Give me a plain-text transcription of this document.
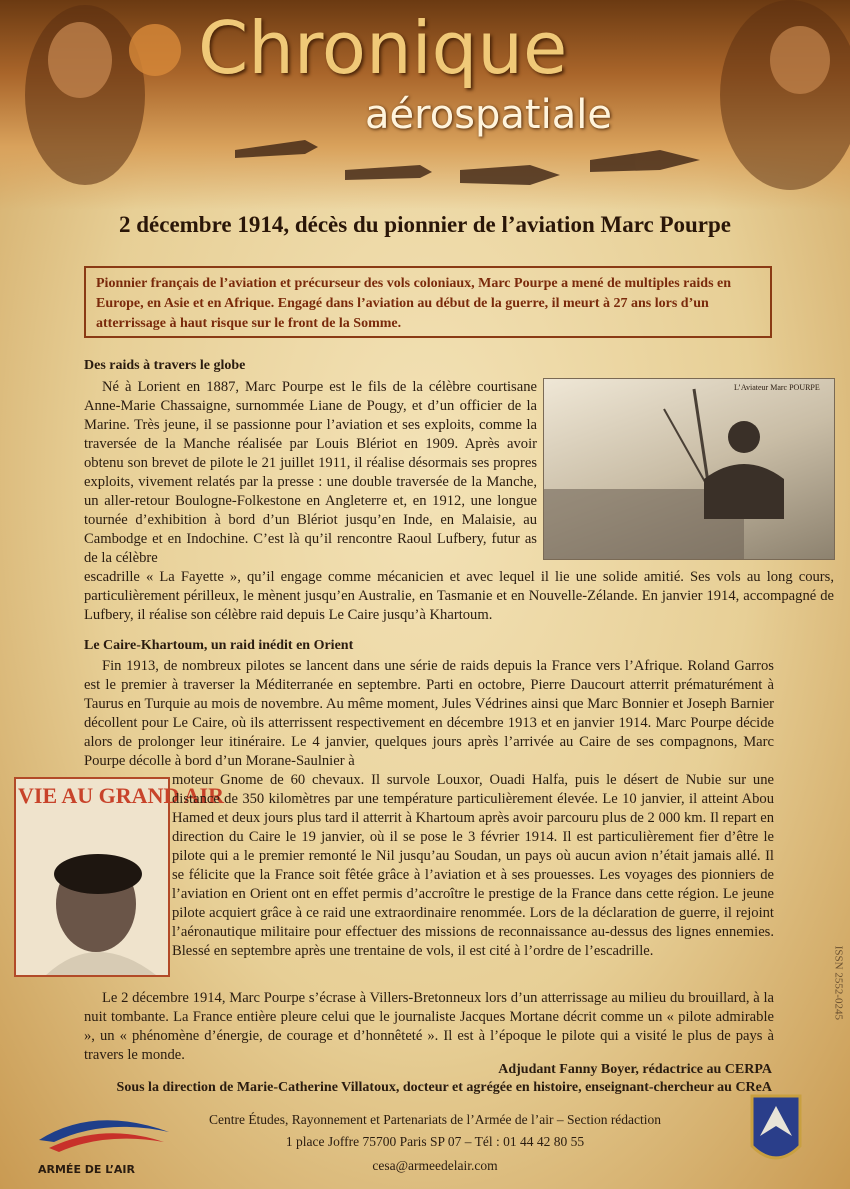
Chronique
aérospatiale
2 décembre 1914, décès du pionnier de l’aviation Marc Pourpe
Pionnier français de l’aviation et précurseur des vols coloniaux, Marc Pourpe a mené de multiples raids en Europe, en Asie et en Afrique. Engagé dans l’aviation au début de la guerre, il meurt à 27 ans lors d’un atterrissage à haut risque sur le front de la Somme.
Des raids à travers le globe

Né à Lorient en 1887, Marc Pourpe est le fils de la célèbre courtisane Anne-Marie Chassaigne, surnommée Liane de Pougy, et d’un officier de la Marine. Très jeune, il se passionne pour l’aviation et ses exploits, comme la traversée de la Manche réalisée par Louis Blériot en 1909. Après avoir obtenu son brevet de pilote le 21 juillet 1911, il réalise désormais ses propres exploits, vivement relatés par la presse : une double traversée de la Manche, un aller-retour Boulogne-Folkestone en Angleterre et, en 1912, une longue tournée d’exhibition à bord d’un Blériot jusqu’en Inde, en Malaisie, au Cambodge et en Indochine. C’est là qu’il rencontre Raoul Lufbery, futur as de la célèbre

L’Aviateur Marc POURPE

escadrille « La Fayette », qu’il engage comme mécanicien et avec lequel il lie une solide amitié. Ses vols au long cours, particulièrement périlleux, le mènent jusqu’en Australie, en Tasmanie et en Nouvelle-Zélande. En janvier 1914, accompagné de Lufbery, il réalise son célèbre raid depuis Le Caire jusqu’à Khartoum.

Le Caire-Khartoum, un raid inédit en Orient

Fin 1913, de nombreux pilotes se lancent dans une série de raids depuis la France vers l’Afrique. Roland Garros est le premier à traverser la Méditerranée en septembre. Parti en octobre, Pierre Daucourt atterrit prématurément à Taurus en Turquie au mois de novembre. Au même moment, Jules Védrines ainsi que Marc Bonnier et Joseph Barnier décollent pour Le Caire, où ils atterrissent respectivement en décembre 1913 et en janvier 1914. Marc Pourpe décide alors de prolonger leur itinéraire. Le 4 janvier, quelques jours après l’arrivée au Caire de ses compagnons, Marc Pourpe décolle à bord d’un Morane-Saulnier à

VIE AU GRAND AIR

moteur Gnome de 60 chevaux. Il survole Louxor, Ouadi Halfa, puis le désert de Nubie sur une distance de 350 kilomètres par une température particulièrement élevée. Le 10 janvier, il atteint Abou Hamed et deux jours plus tard il atterrit à Khartoum après avoir parcouru plus de 2 000 km. Il repart en direction du Caire le 19 janvier, où il se pose le 3 février 1914. Il est particulièrement fier d’être le pilote qui a le premier remonté le Nil jusqu’au Soudan, un pays où aucun avion n’était jamais allé. Il se félicite que la France soit fêtée grâce à l’aviation et à ses prouesses. Les voyages des pionniers de l’aviation en Orient ont en effet permis d’accroître le prestige de la France dans cette région. Le jeune pilote acquiert grâce à ce raid une extraordinaire renommée. Lors de la déclaration de guerre, il rejoint l’aéronautique militaire pour effectuer des missions de reconnaissance au-dessus des lignes ennemies. Blessé en septembre après une trentaine de vols, il est cité à l’ordre de l’escadrille.

Le 2 décembre 1914, Marc Pourpe s’écrase à Villers-Bretonneux lors d’un atterrissage au milieu du brouillard, à la nuit tombante. La France entière pleure celui que le journaliste Jacques Mortane décrit comme un « pilote admirable », un « phénomène d’énergie, de courage et d’honnêteté ». Il est à l’époque le pilote qui a visité le plus de pays à travers le monde.

Adjudant Fanny Boyer, rédactrice au CERPA
Sous la direction de Marie-Catherine Villatoux, docteur et agrégée en histoire, enseignant-chercheur au CReA
ARMÉE DE L’AIR
Centre Études, Rayonnement et Partenariats de l’Armée de l’air – Section rédaction
1 place Joffre 75700 Paris SP 07 – Tél : 01 44 42 80 55
cesa@armeedelair.com
ISSN 2552-0245
